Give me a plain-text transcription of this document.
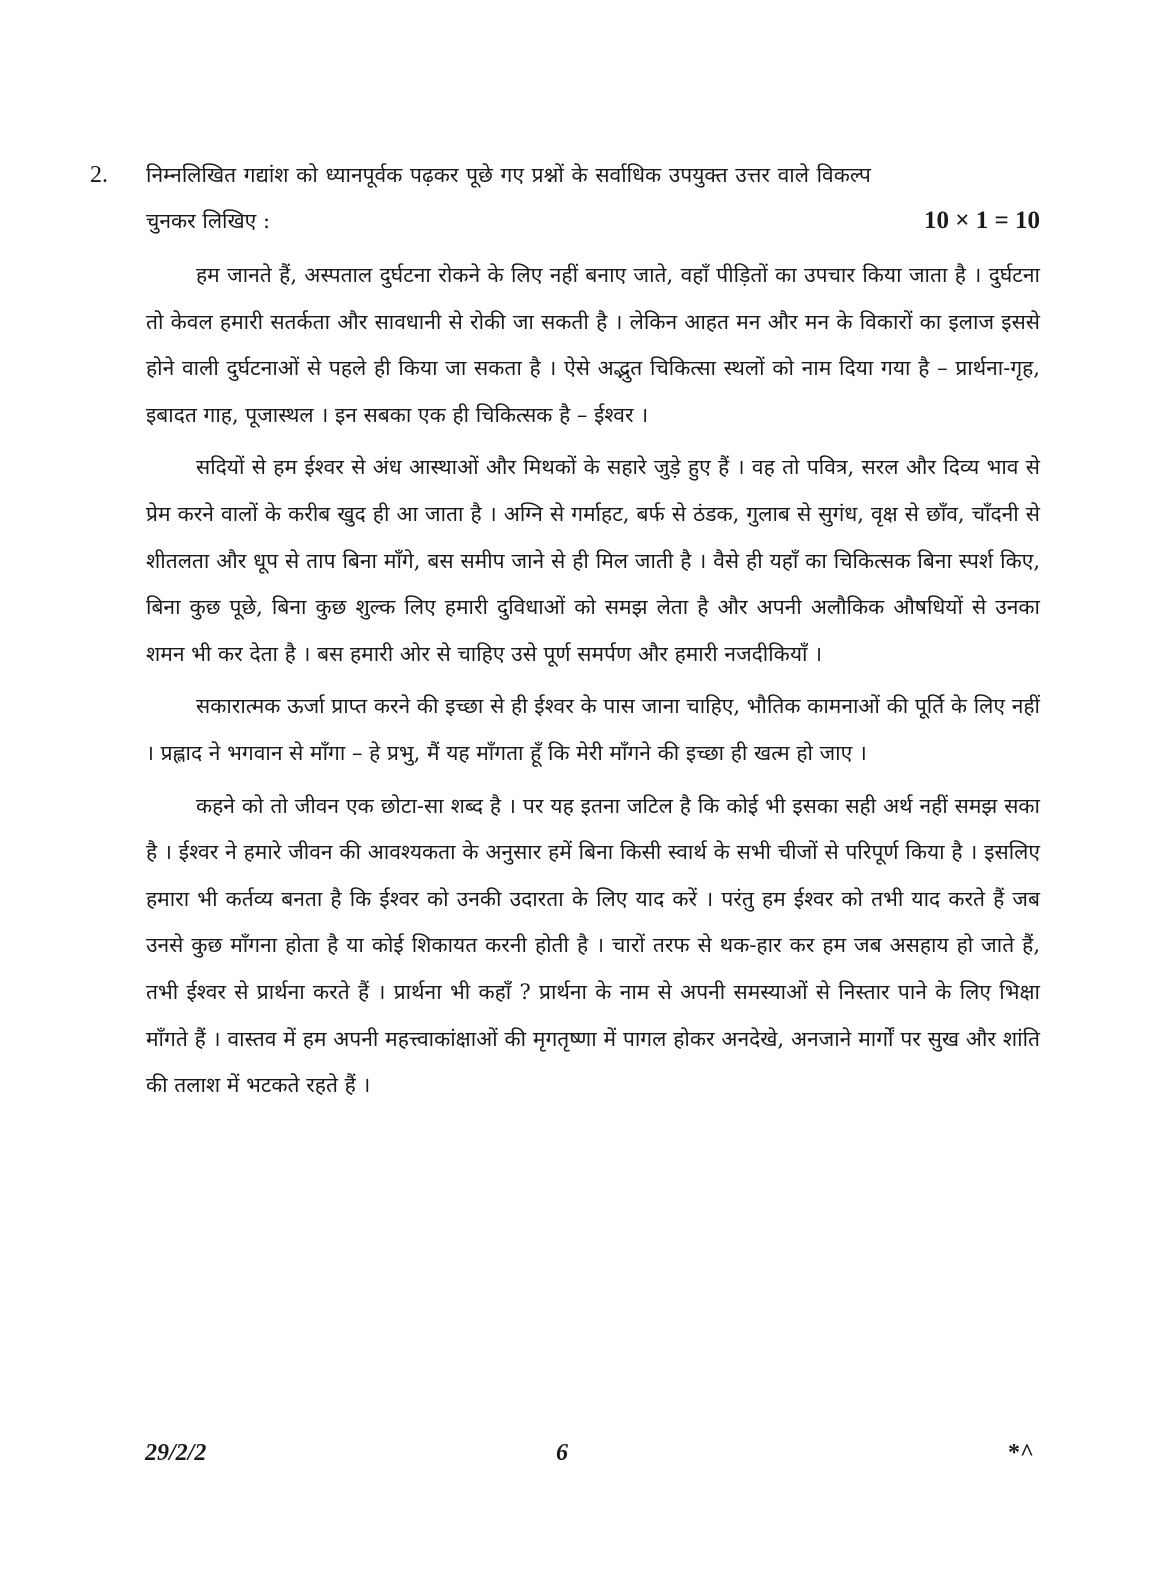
2. निम्नलिखित गद्यांश को ध्यानपूर्वक पढ़कर पूछे गए प्रश्नों के सर्वाधिक उपयुक्त उत्तर वाले विकल्प

चुनकर लिखिए :	10 × 1 = 10

हम जानते हैं, अस्पताल दुर्घटना रोकने के लिए नहीं बनाए जाते, वहाँ पीड़ितों का उपचार किया जाता है । दुर्घटना तो केवल हमारी सतर्कता और सावधानी से रोकी जा सकती है । लेकिन आहत मन और मन के विकारों का इलाज इससे होने वाली दुर्घटनाओं से पहले ही किया जा सकता है । ऐसे अद्भुत चिकित्सा स्थलों को नाम दिया गया है – प्रार्थना-गृह, इबादत गाह, पूजास्थल । इन सबका एक ही चिकित्सक है – ईश्वर ।

सदियों से हम ईश्वर से अंध आस्थाओं और मिथकों के सहारे जुड़े हुए हैं । वह तो पवित्र, सरल और दिव्य भाव से प्रेम करने वालों के करीब खुद ही आ जाता है । अग्नि से गर्माहट, बर्फ से ठंडक, गुलाब से सुगंध, वृक्ष से छाँव, चाँदनी से शीतलता और धूप से ताप बिना माँगे, बस समीप जाने से ही मिल जाती है । वैसे ही यहाँ का चिकित्सक बिना स्पर्श किए, बिना कुछ पूछे, बिना कुछ शुल्क लिए हमारी दुविधाओं को समझ लेता है और अपनी अलौकिक औषधियों से उनका शमन भी कर देता है । बस हमारी ओर से चाहिए उसे पूर्ण समर्पण और हमारी नजदीकियाँ ।

सकारात्मक ऊर्जा प्राप्त करने की इच्छा से ही ईश्वर के पास जाना चाहिए, भौतिक कामनाओं की पूर्ति के लिए नहीं । प्रह्लाद ने भगवान से माँगा – हे प्रभु, मैं यह माँगता हूँ कि मेरी माँगने की इच्छा ही खत्म हो जाए ।

कहने को तो जीवन एक छोटा-सा शब्द है । पर यह इतना जटिल है कि कोई भी इसका सही अर्थ नहीं समझ सका है । ईश्वर ने हमारे जीवन की आवश्यकता के अनुसार हमें बिना किसी स्वार्थ के सभी चीजों से परिपूर्ण किया है । इसलिए हमारा भी कर्तव्य बनता है कि ईश्वर को उनकी उदारता के लिए याद करें । परंतु हम ईश्वर को तभी याद करते हैं जब उनसे कुछ माँगना होता है या कोई शिकायत करनी होती है । चारों तरफ से थक-हार कर हम जब असहाय हो जाते हैं, तभी ईश्वर से प्रार्थना करते हैं । प्रार्थना भी कहाँ ? प्रार्थना के नाम से अपनी समस्याओं से निस्तार पाने के लिए भिक्षा माँगते हैं । वास्तव में हम अपनी महत्त्वाकांक्षाओं की मृगतृष्णा में पागल होकर अनदेखे, अनजाने मार्गों पर सुख और शांति की तलाश में भटकते रहते हैं ।

29/2/2	6	*^
